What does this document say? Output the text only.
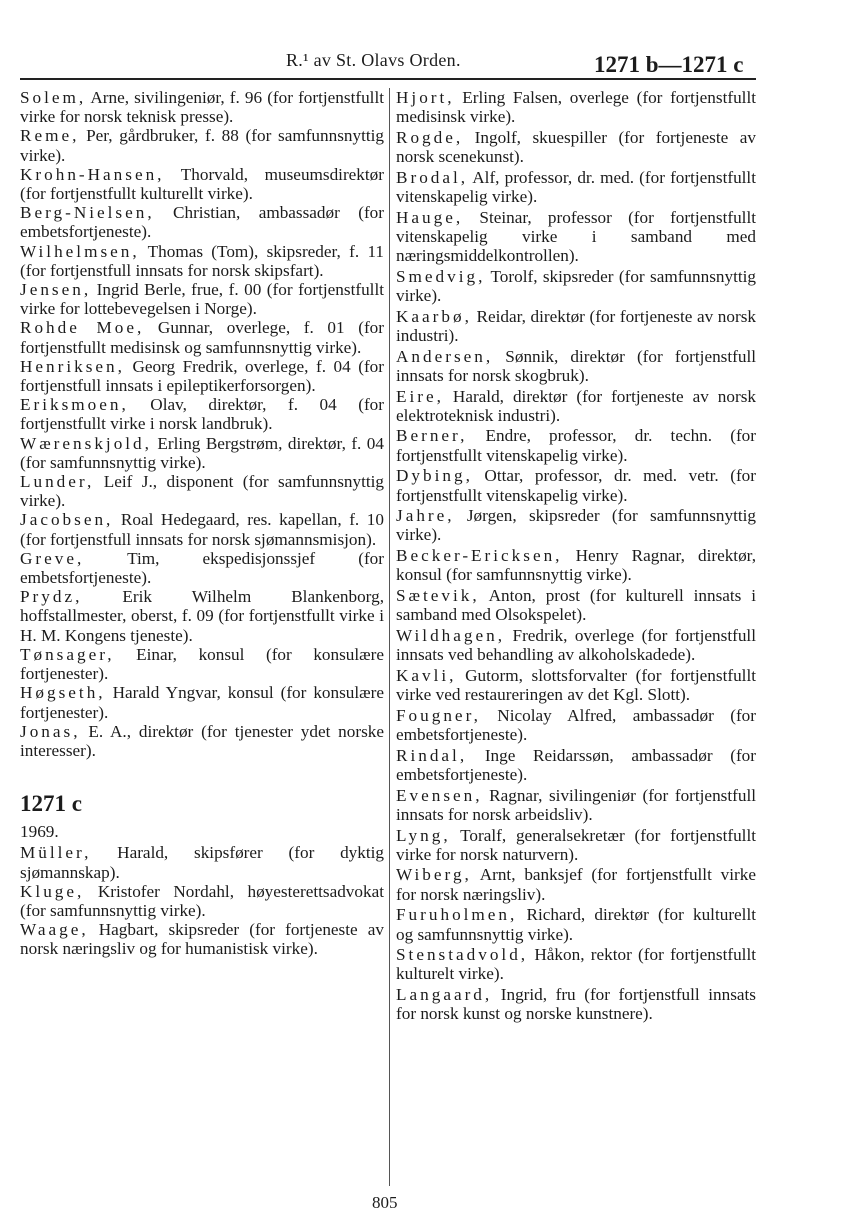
R.¹ av St. Olavs Orden.	1271 b—1271 c

Solem, Arne, sivilingeniør, f. 96 (for fortjenstfullt virke for norsk teknisk presse).

Reme, Per, gårdbruker, f. 88 (for samfunnsnyttig virke).

Krohn-Hansen, Thorvald, museumsdirektør (for fortjenstfullt kulturellt virke).

Berg-Nielsen, Christian, ambassadør (for embetsfortjeneste).

Wilhelmsen, Thomas (Tom), skipsreder, f. 11 (for fortjenstfull innsats for norsk skipsfart).

Jensen, Ingrid Berle, frue, f. 00 (for fortjenstfullt virke for lottebevegelsen i Norge).

Rohde Moe, Gunnar, overlege, f. 01 (for fortjenstfullt medisinsk og samfunnsnyttig virke).

Henriksen, Georg Fredrik, overlege, f. 04 (for fortjenstfull innsats i epileptikerforsorgen).

Eriksmoen, Olav, direktør, f. 04 (for fortjenstfullt virke i norsk landbruk).

Wærenskjold, Erling Bergstrøm, direktør, f. 04 (for samfunnsnyttig virke).

Lunder, Leif J., disponent (for samfunnsnyttig virke).

Jacobsen, Roal Hedegaard, res. kapellan, f. 10 (for fortjenstfull innsats for norsk sjømannsmisjon).

Greve, Tim, ekspedisjonssjef (for embetsfortjeneste).

Prydz, Erik Wilhelm Blankenborg, hoffstallmester, oberst, f. 09 (for fortjenstfullt virke i H. M. Kongens tjeneste).

Tønsager, Einar, konsul (for konsulære fortjenester).

Høgseth, Harald Yngvar, konsul (for konsulære fortjenester).

Jonas, E. A., direktør (for tjenester ydet norske interesser).

1271 c
1969.

Müller, Harald, skipsfører (for dyktig sjømannskap).

Kluge, Kristofer Nordahl, høyesterettsadvokat (for samfunnsnyttig virke).

Waage, Hagbart, skipsreder (for fortjeneste av norsk næringsliv og for humanistisk virke).

Hjort, Erling Falsen, overlege (for fortjenstfullt medisinsk virke).

Rogde, Ingolf, skuespiller (for fortjeneste av norsk scenekunst).

Brodal, Alf, professor, dr. med. (for fortjenstfullt vitenskapelig virke).

Hauge, Steinar, professor (for fortjenstfullt vitenskapelig virke i samband med næringsmiddelkontrollen).

Smedvig, Torolf, skipsreder (for samfunnsnyttig virke).

Kaarbø, Reidar, direktør (for fortjeneste av norsk industri).

Andersen, Sønnik, direktør (for fortjenstfull innsats for norsk skogbruk).

Eire, Harald, direktør (for fortjeneste av norsk elektroteknisk industri).

Berner, Endre, professor, dr. techn. (for fortjenstfullt vitenskapelig virke).

Dybing, Ottar, professor, dr. med. vetr. (for fortjenstfullt vitenskapelig virke).

Jahre, Jørgen, skipsreder (for samfunnsnyttig virke).

Becker-Ericksen, Henry Ragnar, direktør, konsul (for samfunnsnyttig virke).

Sætevik, Anton, prost (for kulturell innsats i samband med Olsokspelet).

Wildhagen, Fredrik, overlege (for fortjenstfull innsats ved behandling av alkoholskadede).

Kavli, Gutorm, slottsforvalter (for fortjenstfullt virke ved restaureringen av det Kgl. Slott).

Fougner, Nicolay Alfred, ambassadør (for embetsfortjeneste).

Rindal, Inge Reidarssøn, ambassadør (for embetsfortjeneste).

Evensen, Ragnar, sivilingeniør (for fortjenstfull innsats for norsk arbeidsliv).

Lyng, Toralf, generalsekretær (for fortjenstfullt virke for norsk naturvern).

Wiberg, Arnt, banksjef (for fortjenstfullt virke for norsk næringsliv).

Furuholmen, Richard, direktør (for kulturellt og samfunnsnyttig virke).

Stenstadvold, Håkon, rektor (for fortjenstfullt kulturelt virke).

Langaard, Ingrid, fru (for fortjenstfull innsats for norsk kunst og norske kunstnere).

805
